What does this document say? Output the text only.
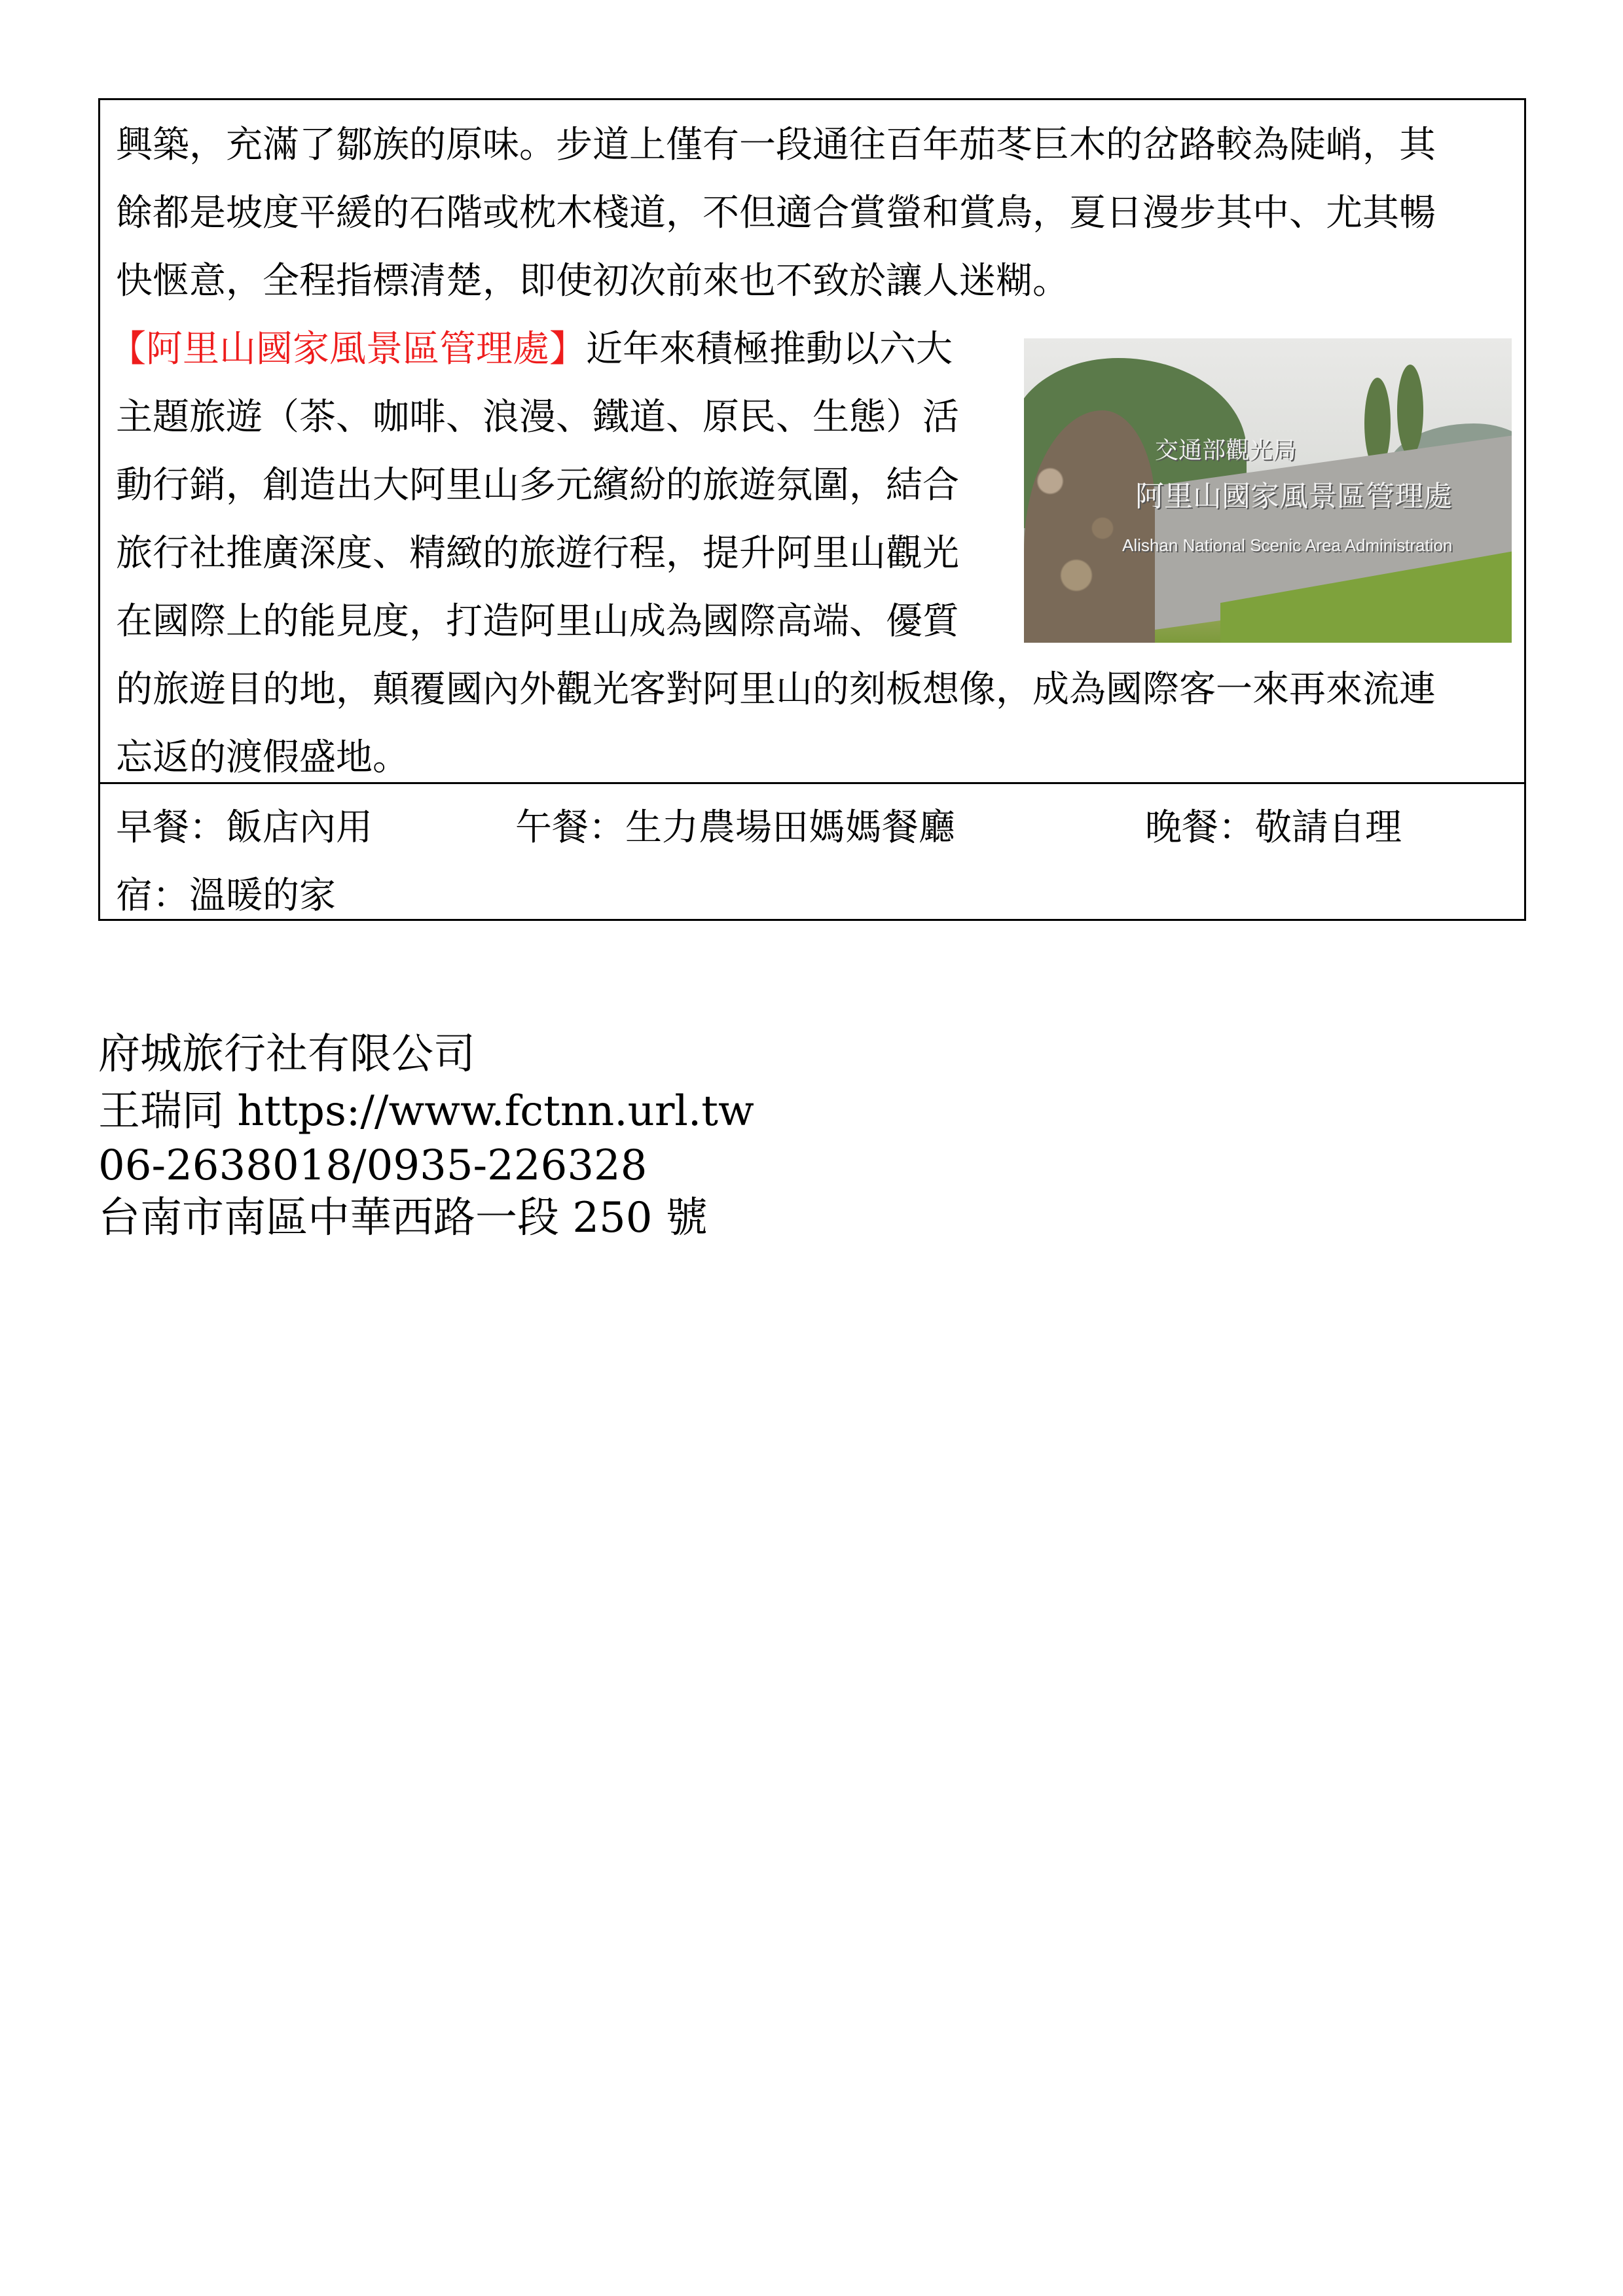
興築，充滿了鄒族的原味。步道上僅有一段通往百年茄苳巨木的岔路較為陡峭，其
餘都是坡度平緩的石階或枕木棧道，不但適合賞螢和賞鳥，夏日漫步其中、尤其暢
快愜意，全程指標清楚，即使初次前來也不致於讓人迷糊。
【阿里山國家風景區管理處】近年來積極推動以六大
主題旅遊（茶、咖啡、浪漫、鐵道、原民、生態）活
動行銷，創造出大阿里山多元繽紛的旅遊氛圍，結合
旅行社推廣深度、精緻的旅遊行程，提升阿里山觀光
在國際上的能見度，打造阿里山成為國際高端、優質
的旅遊目的地，顛覆國內外觀光客對阿里山的刻板想像，成為國際客一來再來流連
忘返的渡假盛地。
交通部觀光局
阿里山國家風景區管理處
Alishan National Scenic Area Administration
早餐：飯店內用	午餐：生力農場田媽媽餐廳	晚餐：敬請自理
宿：溫暖的家
府城旅行社有限公司
王瑞同 https://www.fctnn.url.tw
06-2638018/0935-226328
台南市南區中華西路一段 250 號
